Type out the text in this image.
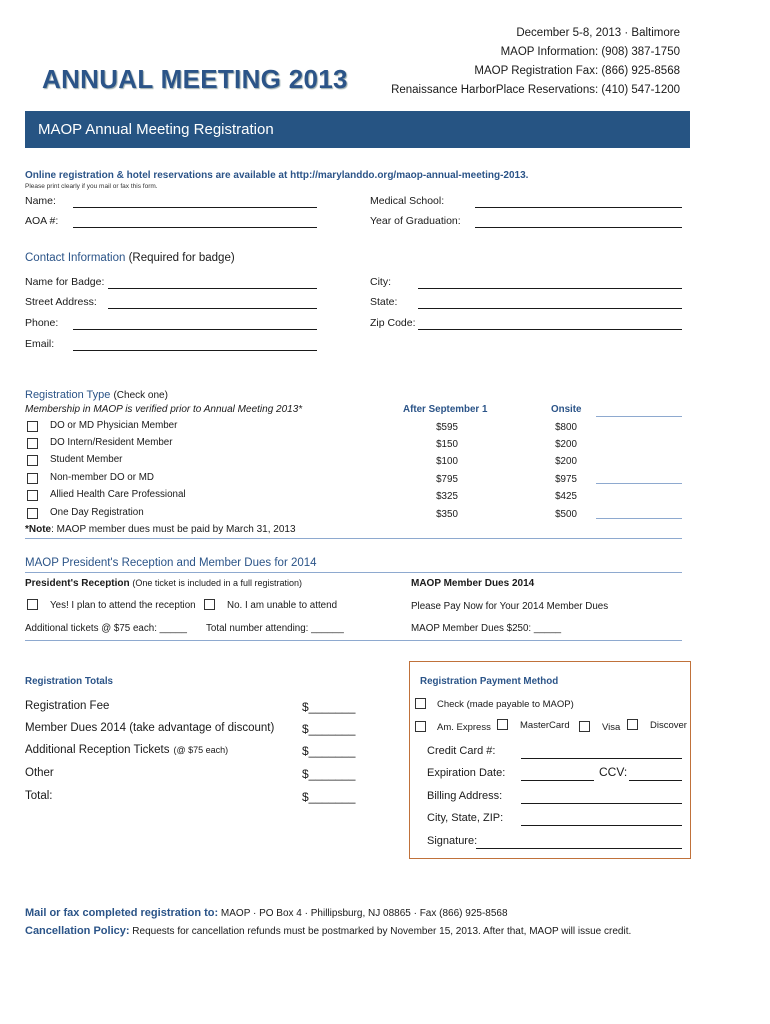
ANNUAL MEETING 2013
December 5-8, 2013 · Baltimore
MAOP Information: (908) 387-1750
MAOP Registration Fax: (866) 925-8568
Renaissance HarborPlace Reservations: (410) 547-1200
MAOP Annual Meeting Registration
Online registration & hotel reservations are available at http://marylanddo.org/maop-annual-meeting-2013.
Please print clearly if you mail or fax this form.
Name:	Medical School:
AOA #:	Year of Graduation:
Contact Information (Required for badge)
Name for Badge:	City:
Street Address:	State:
Phone:	Zip Code:
Email:
Registration Type (Check one)
Membership in MAOP is verified prior to Annual Meeting 2013*	After September 1	Onsite
DO or MD Physician Member	$595	$800
DO Intern/Resident Member	$150	$200
Student Member	$100	$200
Non-member DO or MD	$795	$975
Allied Health Care Professional	$325	$425
One Day Registration	$350	$500
*Note: MAOP member dues must be paid by March 31, 2013
MAOP President's Reception and Member Dues for 2014
President's Reception (One ticket is included in a full registration)	MAOP Member Dues 2014
Yes! I plan to attend the reception	No. I am unable to attend	Please Pay Now for Your 2014 Member Dues
Additional tickets @ $75 each: _____ Total number attending: ______	MAOP Member Dues $250: _____
Registration Totals
Registration Fee	$_______
Member Dues 2014 (take advantage of discount) $_______
Additional Reception Tickets (@ $75 each)	$_______
Other	$_______
Total:	$_______
Registration Payment Method
Check (made payable to MAOP)
Am. Express	MasterCard	Visa	Discover
Credit Card #:
Expiration Date:	CCV:
Billing Address:
City, State, ZIP:
Signature:
Mail or fax completed registration to: MAOP · PO Box 4 · Phillipsburg, NJ 08865 · Fax (866) 925-8568
Cancellation Policy: Requests for cancellation refunds must be postmarked by November 15, 2013. After that, MAOP will issue credit.
